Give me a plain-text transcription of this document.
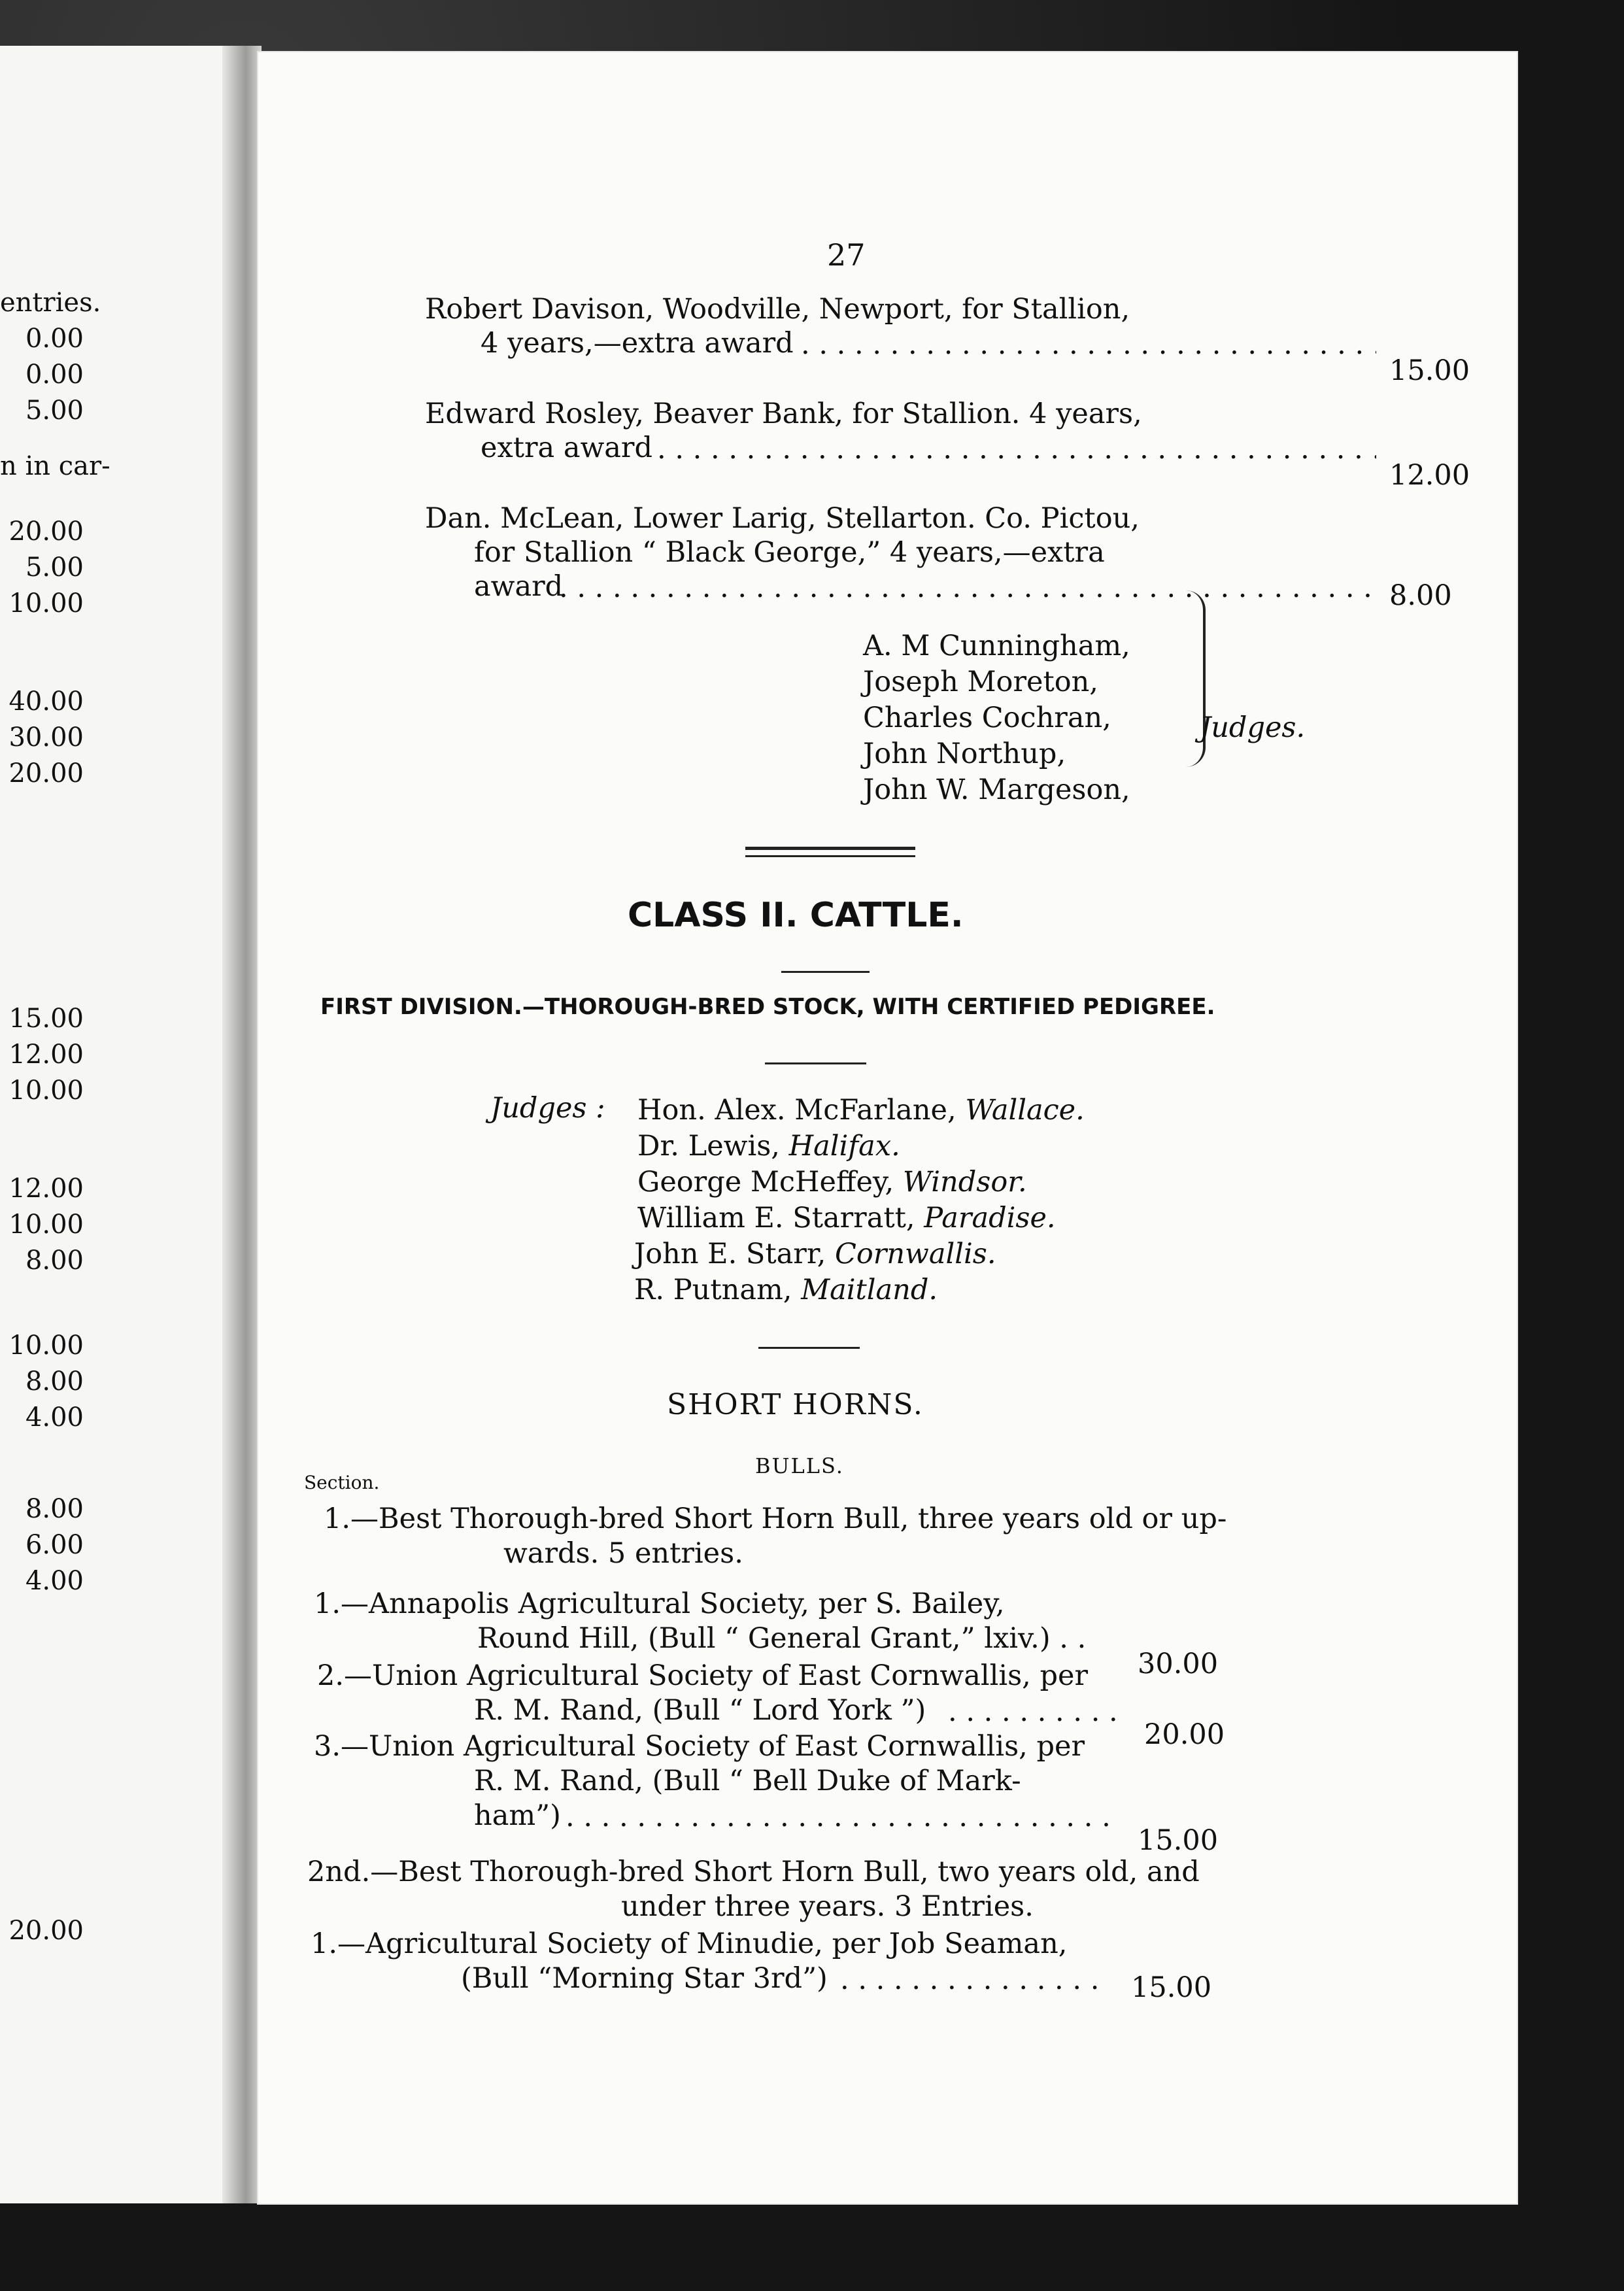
entries.
0.00
0.00
5.00
n in car-
20.00
5.00
10.00
40.00
30.00
20.00
15.00
12.00
10.00
12.00
10.00
8.00
10.00
8.00
4.00
8.00
6.00
4.00
20.00
27
Robert Davison, Woodville, Newport, for Stallion,
4 years,—extra award
. . .
15.00
Edward Rosley, Beaver Bank, for Stallion. 4 years,
extra award
. . .
12.00
Dan. McLean, Lower Larig, Stellarton. Co. Pictou,
for Stallion “ Black George,” 4 years,—extra
award . . .	8.00
A. M Cunningham,
Joseph Moreton,
Charles Cochran,
John Northup,
John W. Margeson,
Judges.
CLASS II. CATTLE.
FIRST DIVISION.—THOROUGH-BRED STOCK, WITH CERTIFIED PEDIGREE.
Judges : Hon. Alex. McFarlane, Wallace.
Dr. Lewis, Halifax.
George McHeffey, Windsor.
William E. Starratt, Paradise.
John E. Starr, Cornwallis.
R. Putnam, Maitland.
SHORT HORNS.
BULLS.
Section.
1.—Best Thorough-bred Short Horn Bull, three years old or up-
wards. 5 entries.
1.—Annapolis Agricultural Society, per S. Bailey,
Round Hill, (Bull “ General Grant,” lxiv.) . .
30.00
2.—Union Agricultural Society of East Cornwallis, per
R. M. Rand, (Bull “ Lord York ”)
. . .
20.00
3.—Union Agricultural Society of East Cornwallis, per
R. M. Rand, (Bull “ Bell Duke of Mark-
ham”)
. . .
15.00
2nd.—Best Thorough-bred Short Horn Bull, two years old, and
under three years. 3 Entries.
1.—Agricultural Society of Minudie, per Job Seaman,
(Bull “Morning Star 3rd”) . . .	15.00
